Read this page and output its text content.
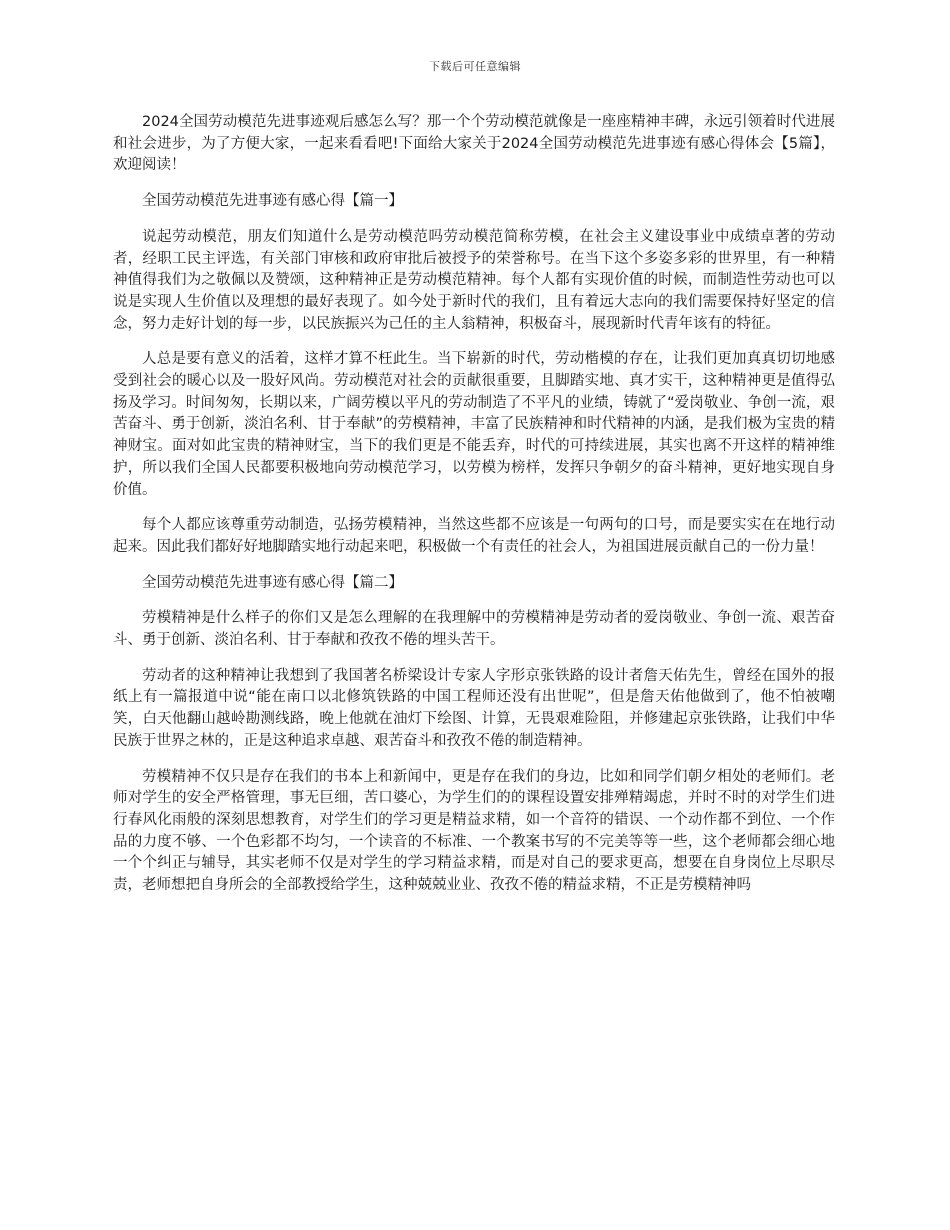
下载后可任意编辑

2024全国劳动模范先进事迹观后感怎么写？那一个个劳动模范就像是一座座精神丰碑，永远引领着时代进展和社会进步，为了方便大家，一起来看看吧!下面给大家关于2024全国劳动模范先进事迹有感心得体会【5篇】，欢迎阅读！

全国劳动模范先进事迹有感心得【篇一】

说起劳动模范，朋友们知道什么是劳动模范吗劳动模范简称劳模，在社会主义建设事业中成绩卓著的劳动者，经职工民主评选，有关部门审核和政府审批后被授予的荣誉称号。在当下这个多姿多彩的世界里，有一种精神值得我们为之敬佩以及赞颂，这种精神正是劳动模范精神。每个人都有实现价值的时候，而制造性劳动也可以说是实现人生价值以及理想的最好表现了。如今处于新时代的我们，且有着远大志向的我们需要保持好坚定的信念，努力走好计划的每一步，以民族振兴为己任的主人翁精神，积极奋斗，展现新时代青年该有的特征。

人总是要有意义的活着，这样才算不枉此生。当下崭新的时代，劳动楷模的存在，让我们更加真真切切地感受到社会的暖心以及一股好风尚。劳动模范对社会的贡献很重要，且脚踏实地、真才实干，这种精神更是值得弘扬及学习。时间匆匆，长期以来，广阔劳模以平凡的劳动制造了不平凡的业绩，铸就了“爱岗敬业、争创一流，艰苦奋斗、勇于创新，淡泊名利、甘于奉献”的劳模精神，丰富了民族精神和时代精神的内涵，是我们极为宝贵的精神财宝。面对如此宝贵的精神财宝，当下的我们更是不能丢弃，时代的可持续进展，其实也离不开这样的精神维护，所以我们全国人民都要积极地向劳动模范学习，以劳模为榜样，发挥只争朝夕的奋斗精神，更好地实现自身价值。

每个人都应该尊重劳动制造，弘扬劳模精神，当然这些都不应该是一句两句的口号，而是要实实在在地行动起来。因此我们都好好地脚踏实地行动起来吧，积极做一个有责任的社会人，为祖国进展贡献自己的一份力量！

全国劳动模范先进事迹有感心得【篇二】

劳模精神是什么样子的你们又是怎么理解的在我理解中的劳模精神是劳动者的爱岗敬业、争创一流、艰苦奋斗、勇于创新、淡泊名利、甘于奉献和孜孜不倦的埋头苦干。

劳动者的这种精神让我想到了我国著名桥梁设计专家人字形京张铁路的设计者詹天佑先生，曾经在国外的报纸上有一篇报道中说“能在南口以北修筑铁路的中国工程师还没有出世呢”，但是詹天佑他做到了，他不怕被嘲笑，白天他翻山越岭勘测线路，晚上他就在油灯下绘图、计算，无畏艰难险阻，并修建起京张铁路，让我们中华民族于世界之林的，正是这种追求卓越、艰苦奋斗和孜孜不倦的制造精神。

劳模精神不仅只是存在我们的书本上和新闻中，更是存在我们的身边，比如和同学们朝夕相处的老师们。老师对学生的安全严格管理，事无巨细，苦口婆心，为学生们的的课程设置安排殚精竭虑，并时不时的对学生们进行春风化雨般的深刻思想教育，对学生们的学习更是精益求精，如一个音符的错误、一个动作都不到位、一个作品的力度不够、一个色彩都不均匀，一个读音的不标准、一个教案书写的不完美等等一些，这个老师都会细心地一个个纠正与辅导，其实老师不仅是对学生的学习精益求精，而是对自己的要求更高，想要在自身岗位上尽职尽责，老师想把自身所会的全部教授给学生，这种兢兢业业、孜孜不倦的精益求精，不正是劳模精神吗
